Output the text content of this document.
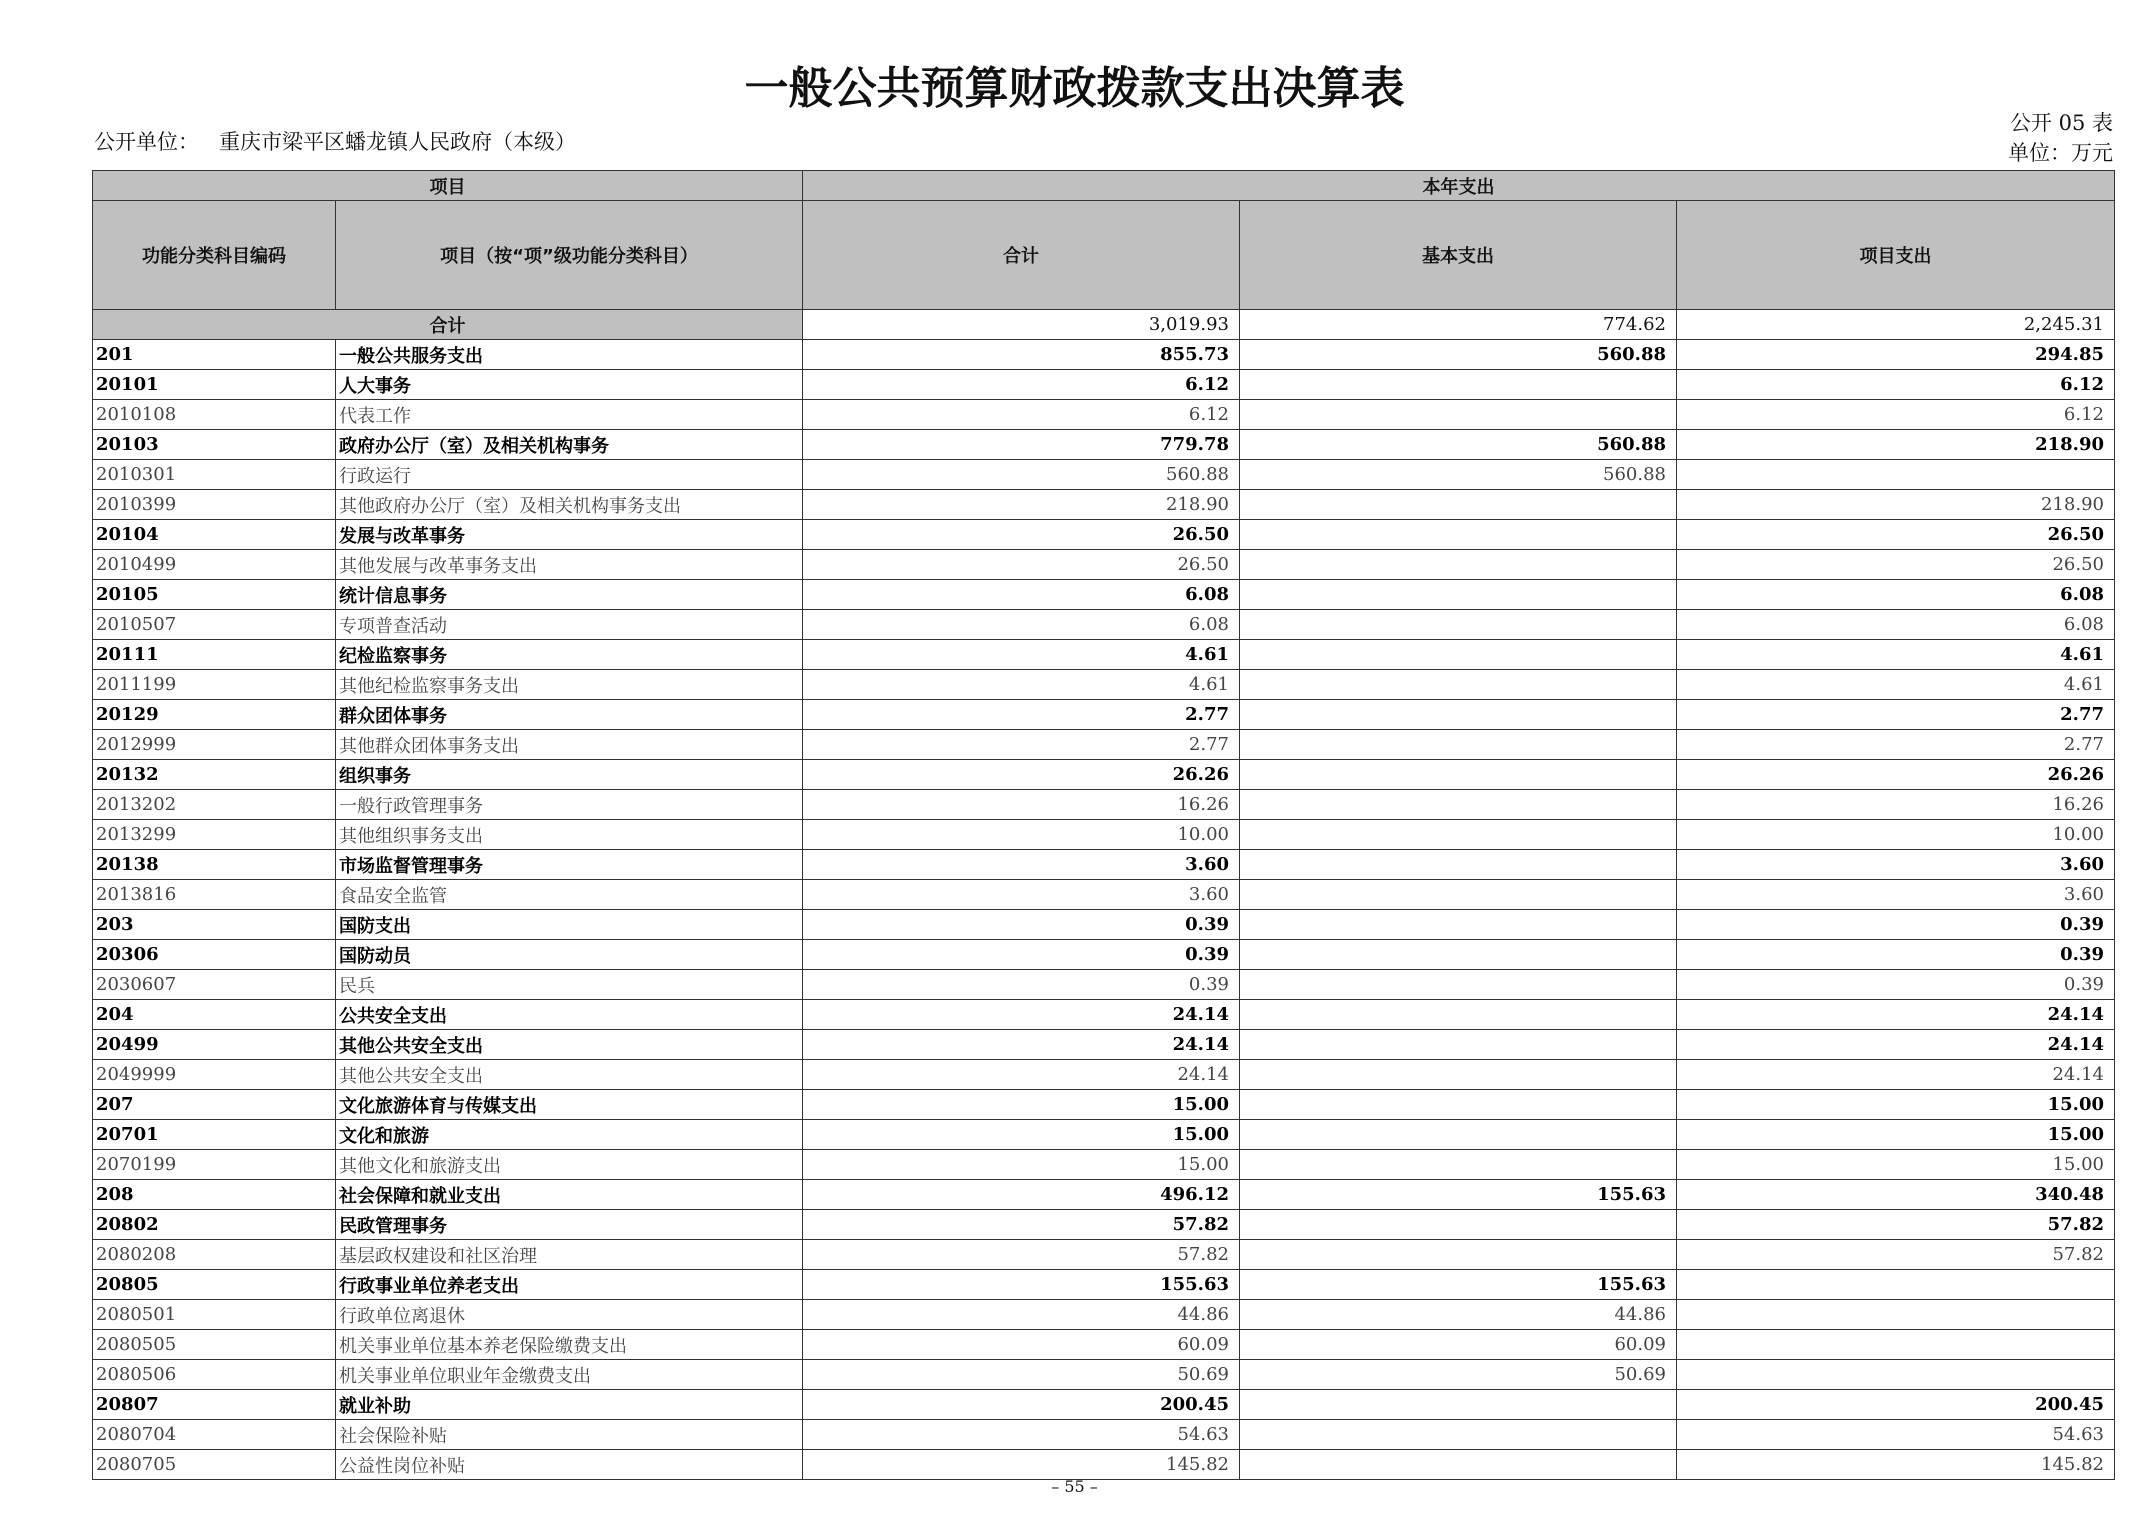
一般公共预算财政拨款支出决算表
公开单位： 重庆市梁平区蟠龙镇人民政府（本级）
公开 05 表
单位：万元
项目		本年支出		
功能分类科目编码	项目（按“项”级功能分类科目）	合计	基本支出	项目支出
合计		3,019.93	774.62	2,245.31
201	一般公共服务支出	855.73	560.88	294.85
20101	人大事务	6.12		6.12
2010108	代表工作	6.12		6.12
20103	政府办公厅（室）及相关机构事务	779.78	560.88	218.90
2010301	行政运行	560.88	560.88	
2010399	其他政府办公厅（室）及相关机构事务支出	218.90		218.90
20104	发展与改革事务	26.50		26.50
2010499	其他发展与改革事务支出	26.50		26.50
20105	统计信息事务	6.08		6.08
2010507	专项普查活动	6.08		6.08
20111	纪检监察事务	4.61		4.61
2011199	其他纪检监察事务支出	4.61		4.61
20129	群众团体事务	2.77		2.77
2012999	其他群众团体事务支出	2.77		2.77
20132	组织事务	26.26		26.26
2013202	一般行政管理事务	16.26		16.26
2013299	其他组织事务支出	10.00		10.00
20138	市场监督管理事务	3.60		3.60
2013816	食品安全监管	3.60		3.60
203	国防支出	0.39		0.39
20306	国防动员	0.39		0.39
2030607	民兵	0.39		0.39
204	公共安全支出	24.14		24.14
20499	其他公共安全支出	24.14		24.14
2049999	其他公共安全支出	24.14		24.14
207	文化旅游体育与传媒支出	15.00		15.00
20701	文化和旅游	15.00		15.00
2070199	其他文化和旅游支出	15.00		15.00
208	社会保障和就业支出	496.12	155.63	340.48
20802	民政管理事务	57.82		57.82
2080208	基层政权建设和社区治理	57.82		57.82
20805	行政事业单位养老支出	155.63	155.63	
2080501	行政单位离退休	44.86	44.86	
2080505	机关事业单位基本养老保险缴费支出	60.09	60.09	
2080506	机关事业单位职业年金缴费支出	50.69	50.69	
20807	就业补助	200.45		200.45
2080704	社会保险补贴	54.63		54.63
2080705	公益性岗位补贴	145.82		145.82
– 55 –
